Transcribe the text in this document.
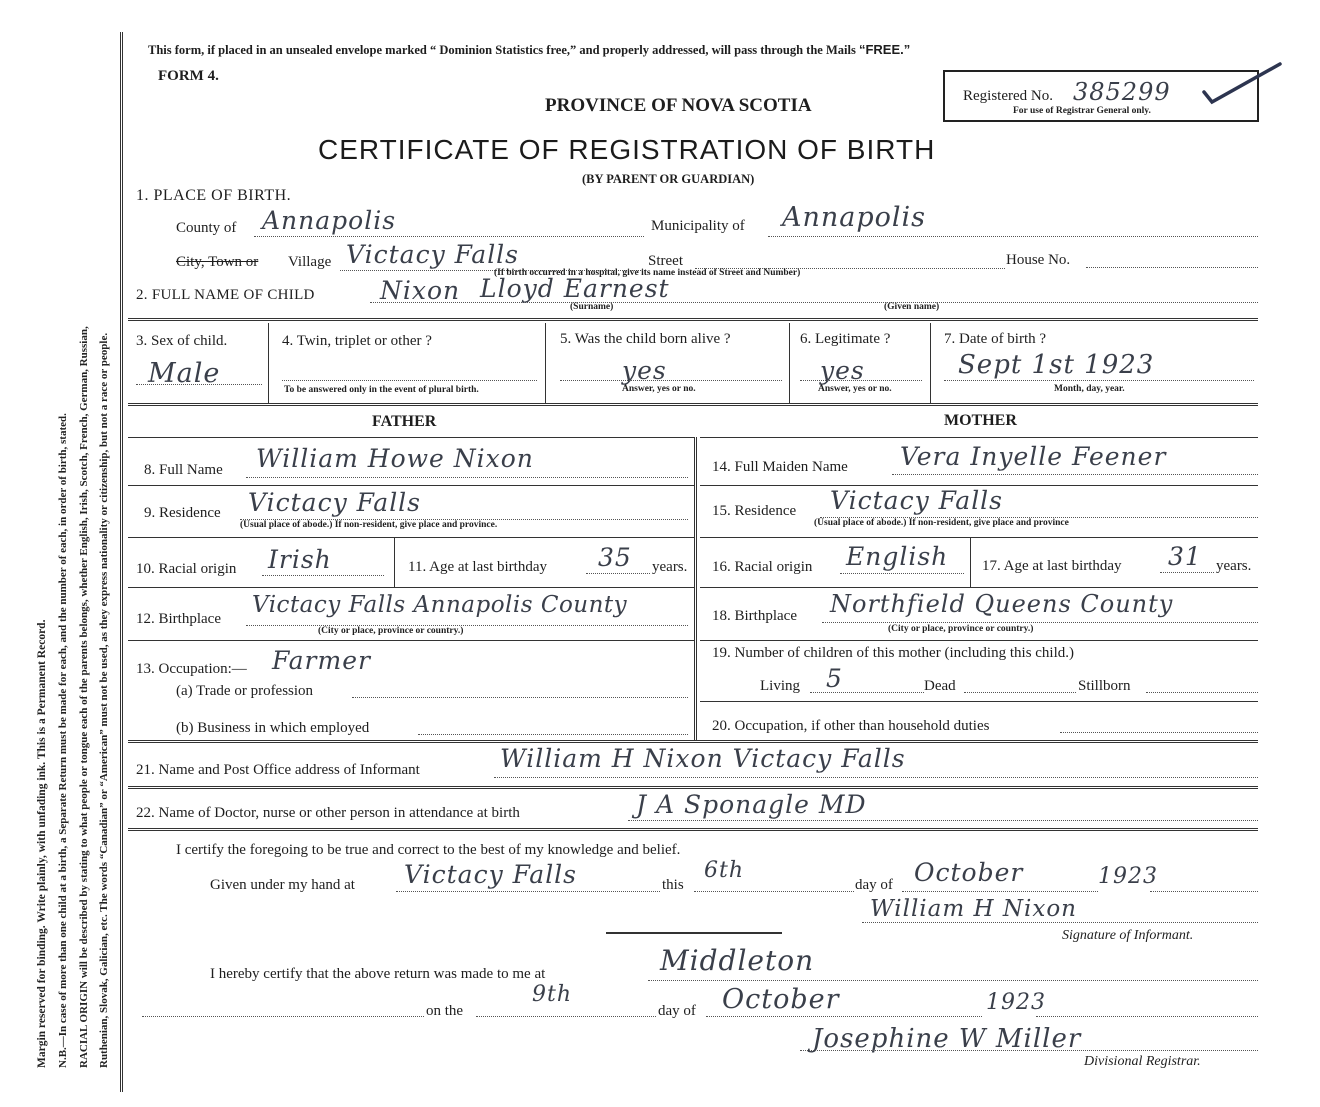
Margin reserved for binding. Write plainly, with unfading ink. This is a Permanent Record. N.B.—In case of more than one child at a birth, a Separate Return must be made for each, and the number of each, in order of birth, stated. RACIAL ORIGIN will be described by stating to what people or tongue each of the parents belongs, whether English, Irish, Scotch, French, German, Russian, Ruthenian, Slovak, Galician, etc. The words “Canadian” or “American” must not be used, as they express nationality or citizenship, but not a race or people.
This form, if placed in an unsealed envelope marked “ Dominion Statistics free,” and properly addressed, will pass through the Mails “FREE.”
FORM 4.
PROVINCE OF NOVA SCOTIA	Registered No. 385299
For use of Registrar General only.
CERTIFICATE OF REGISTRATION OF BIRTH
(BY PARENT OR GUARDIAN)
1. PLACE OF BIRTH.
County of Annapolis	Municipality of Annapolis
City, Town or Village Victacy Falls	Street	House No.
(If birth occurred in a hospital, give its name instead of Street and Number)
2. FULL NAME OF CHILD	Nixon Lloyd Earnest
(Surname)	(Given name)
3. Sex of child.
Male
4. Twin, triplet or other ?
To be answered only in the event of plural birth.
5. Was the child born alive ?
yes
Answer, yes or no.
6. Legitimate ?
yes
Answer, yes or no.
7. Date of birth ?
Sept 1st 1923
Month, day, year.
FATHER
8. Full Name William Howe Nixon
9. Residence Victacy Falls
(Usual place of abode.) If non-resident, give place and province.
10. Racial origin Irish	11. Age at last birthday 35 years.
12. Birthplace
Victacy Falls Annapolis County
(City or place, province or country.)
13. Occupation:— Farmer
(a) Trade or profession
(b) Business in which employed
MOTHER
14. Full Maiden Name Vera Inyelle Feener
15. Residence Victacy Falls
(Usual place of abode.) If non-resident, give place and province
16. Racial origin English 17. Age at last birthday 31 years.
18. Birthplace Northfield Queens County
(City or place, province or country.)
19. Number of children of this mother (including this child.)
Living 5	Dead	Stillborn
20. Occupation, if other than household duties
21. Name and Post Office address of Informant	William H Nixon Victacy Falls
22. Name of Doctor, nurse or other person in attendance at birth	J A Sponagle MD
I certify the foregoing to be true and correct to the best of my knowledge and belief.
Given under my hand at Victacy Falls	this
6th
day of October	1923
William H Nixon
Signature of Informant.
I hereby certify that the above return was made to me at	Middleton
on the
9th
day of October	1923
Josephine W Miller
Divisional Registrar.
